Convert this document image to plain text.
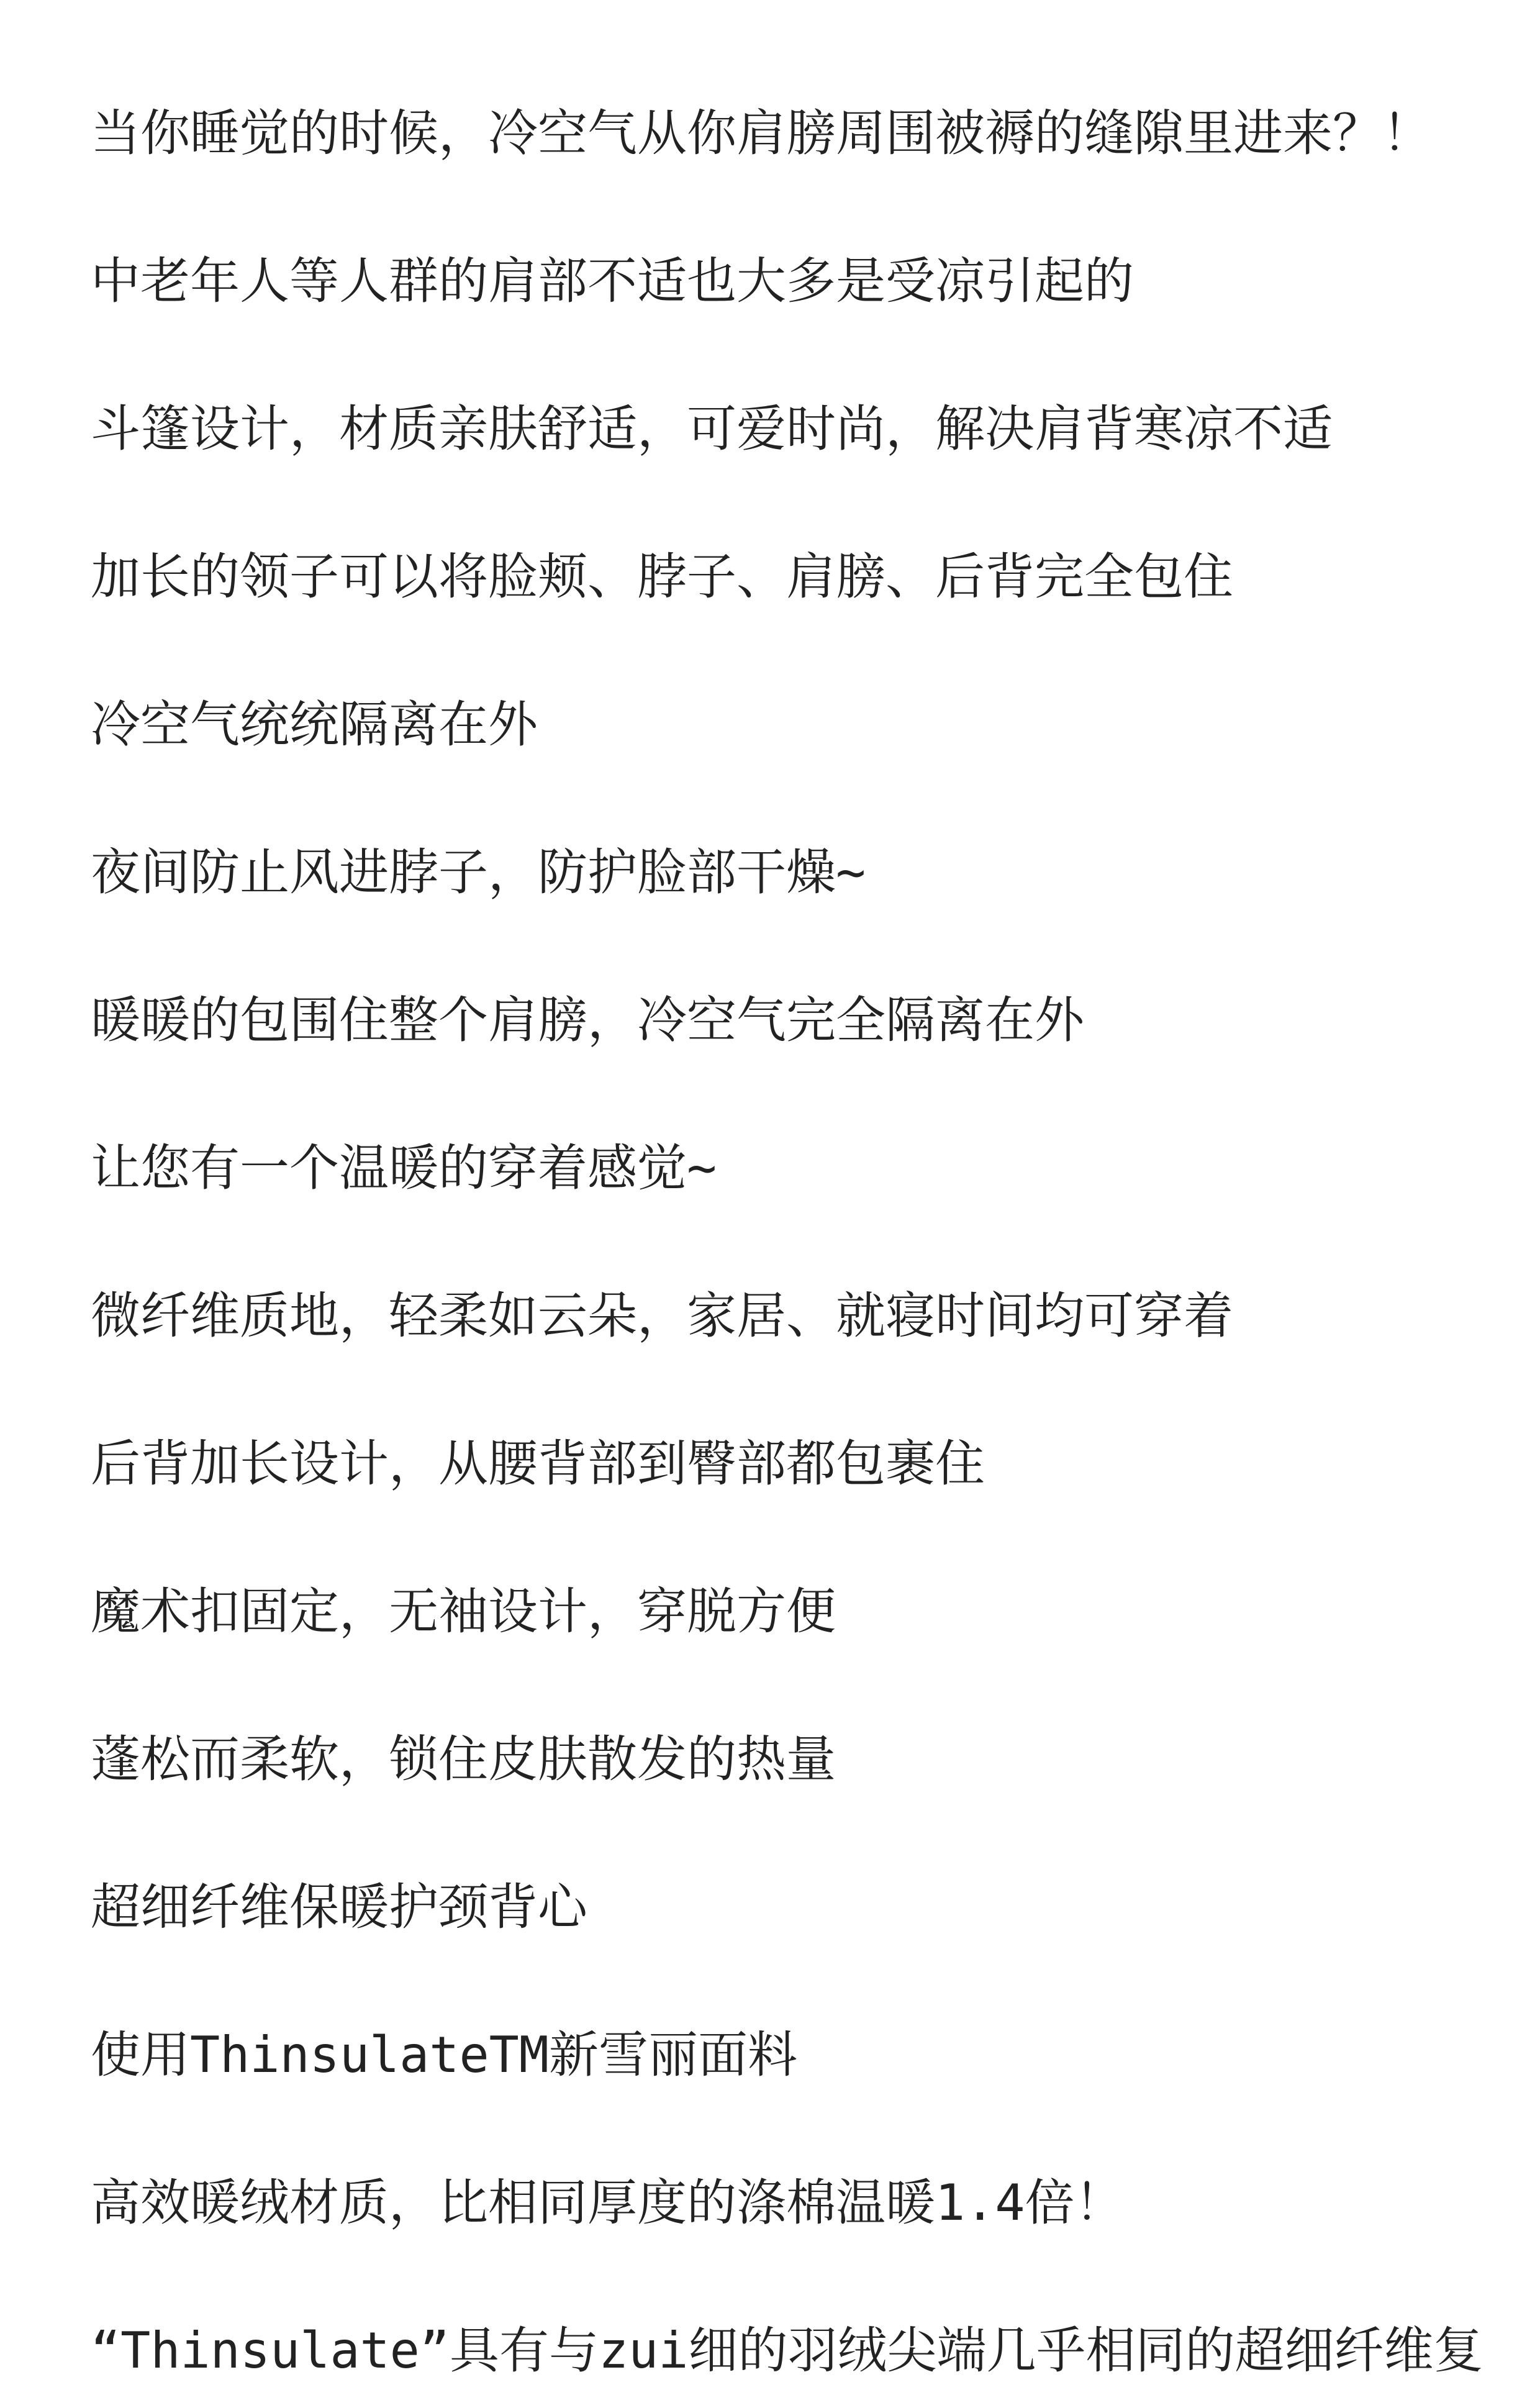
当你睡觉的时候，冷空气从你肩膀周围被褥的缝隙里进来？！

中老年人等人群的肩部不适也大多是受凉引起的

斗篷设计，材质亲肤舒适，可爱时尚，解决肩背寒凉不适

加长的领子可以将脸颊、脖子、肩膀、后背完全包住

冷空气统统隔离在外

夜间防止风进脖子，防护脸部干燥~

暖暖的包围住整个肩膀，冷空气完全隔离在外

让您有一个温暖的穿着感觉~

微纤维质地，轻柔如云朵，家居、就寝时间均可穿着

后背加长设计，从腰背部到臀部都包裹住

魔术扣固定，无袖设计，穿脱方便

蓬松而柔软，锁住皮肤散发的热量

超细纤维保暖护颈背心

使用ThinsulateTM新雪丽面料

高效暖绒材质，比相同厚度的涤棉温暖1.4倍！

“Thinsulate”具有与zui细的羽绒尖端几乎相同的超细纤维复
